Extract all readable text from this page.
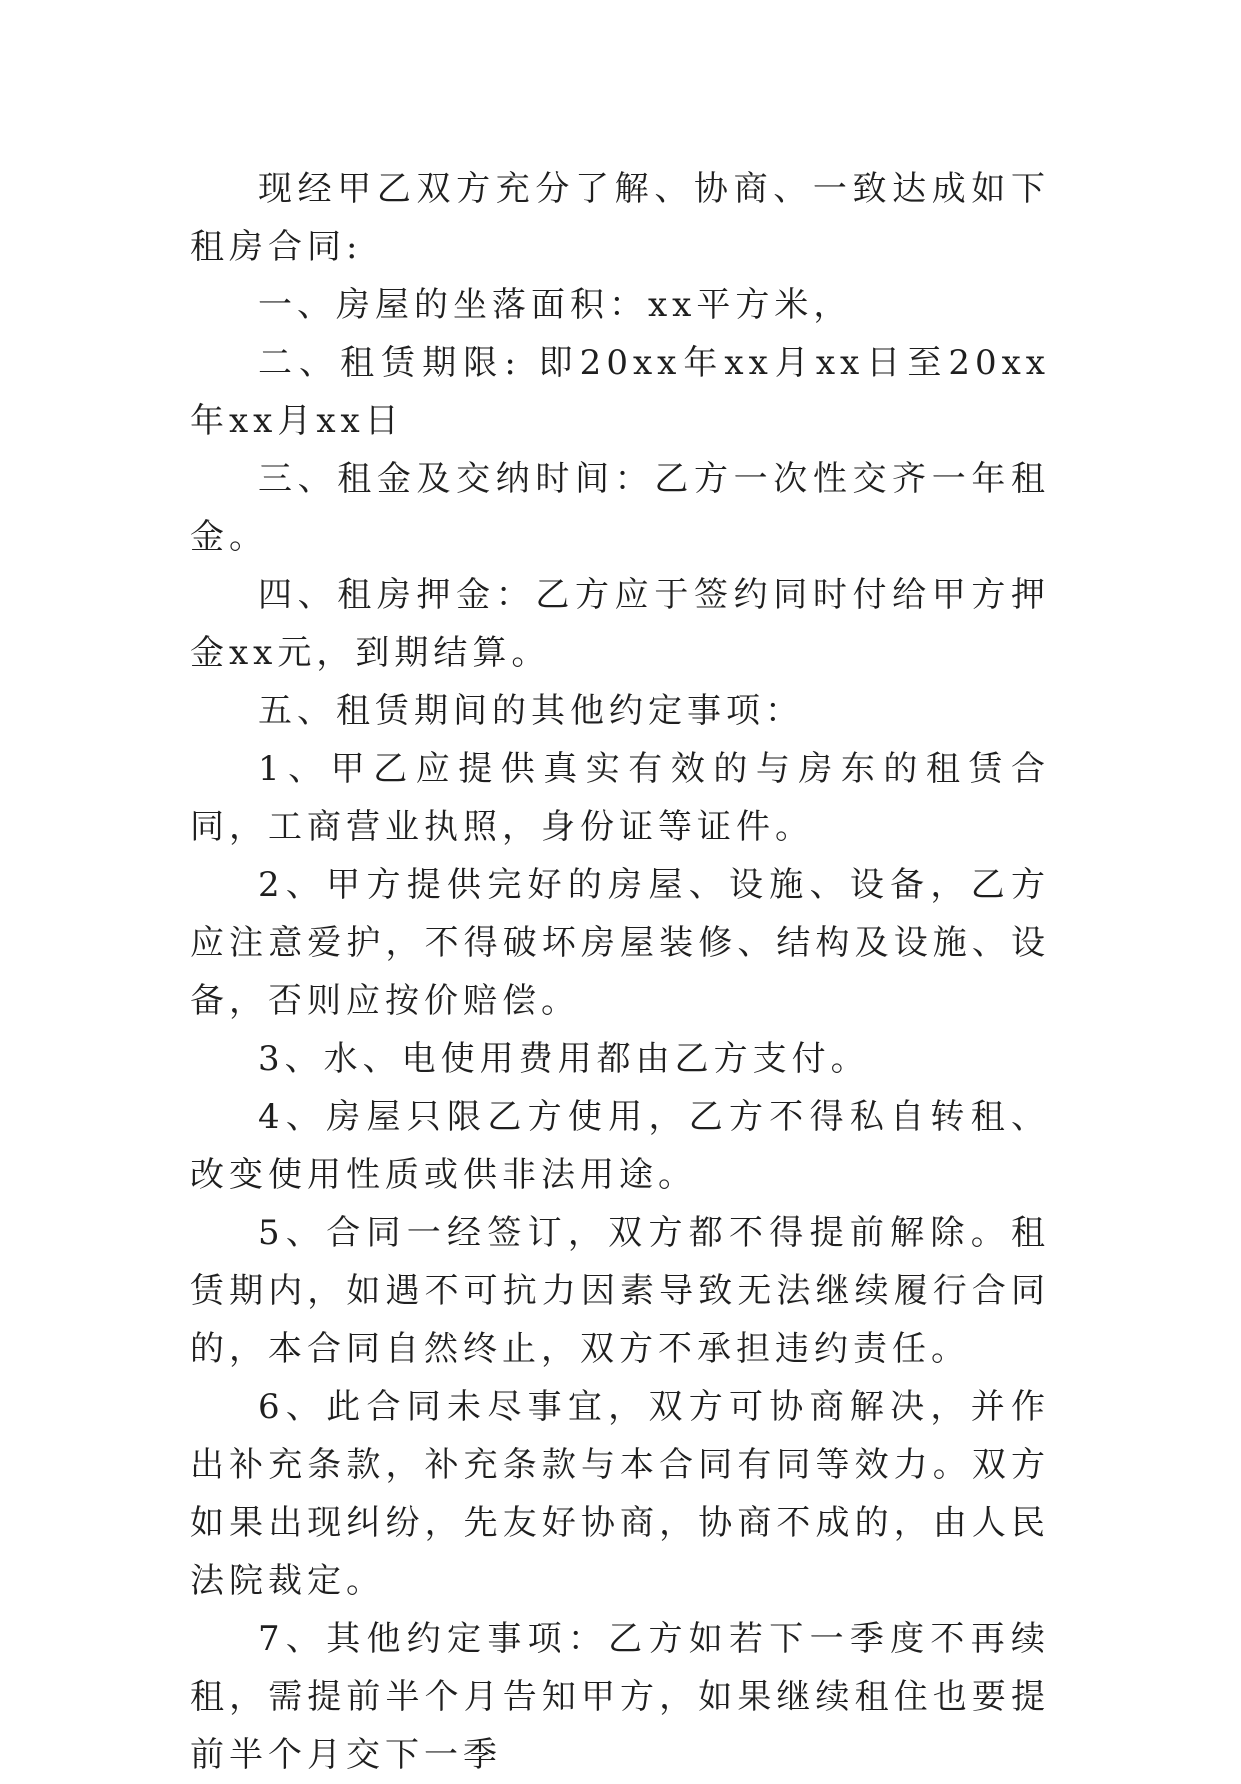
现经甲乙双方充分了解、协商、一致达成如下租房合同:

一、房屋的坐落面积：xx平方米，

二、租赁期限: 即20xx年xx月xx日至20xx年xx月xx日

三、租金及交纳时间：乙方一次性交齐一年租金。

四、租房押金：乙方应于签约同时付给甲方押金xx元，到期结算。

五、租赁期间的其他约定事项：

1、甲乙应提供真实有效的与房东的租赁合同，工商营业执照，身份证等证件。

2、甲方提供完好的房屋、设施、设备，乙方应注意爱护，不得破坏房屋装修、结构及设施、设备，否则应按价赔偿。

3、水、电使用费用都由乙方支付。

4、房屋只限乙方使用，乙方不得私自转租、改变使用性质或供非法用途。

5、合同一经签订，双方都不得提前解除。租赁期内，如遇不可抗力因素导致无法继续履行合同的，本合同自然终止，双方不承担违约责任。

6、此合同未尽事宜，双方可协商解决，并作出补充条款，补充条款与本合同有同等效力。双方如果出现纠纷，先友好协商，协商不成的，由人民法院裁定。

7、其他约定事项：乙方如若下一季度不再续租，需提前半个月告知甲方，如果继续租住也要提前半个月交下一季
